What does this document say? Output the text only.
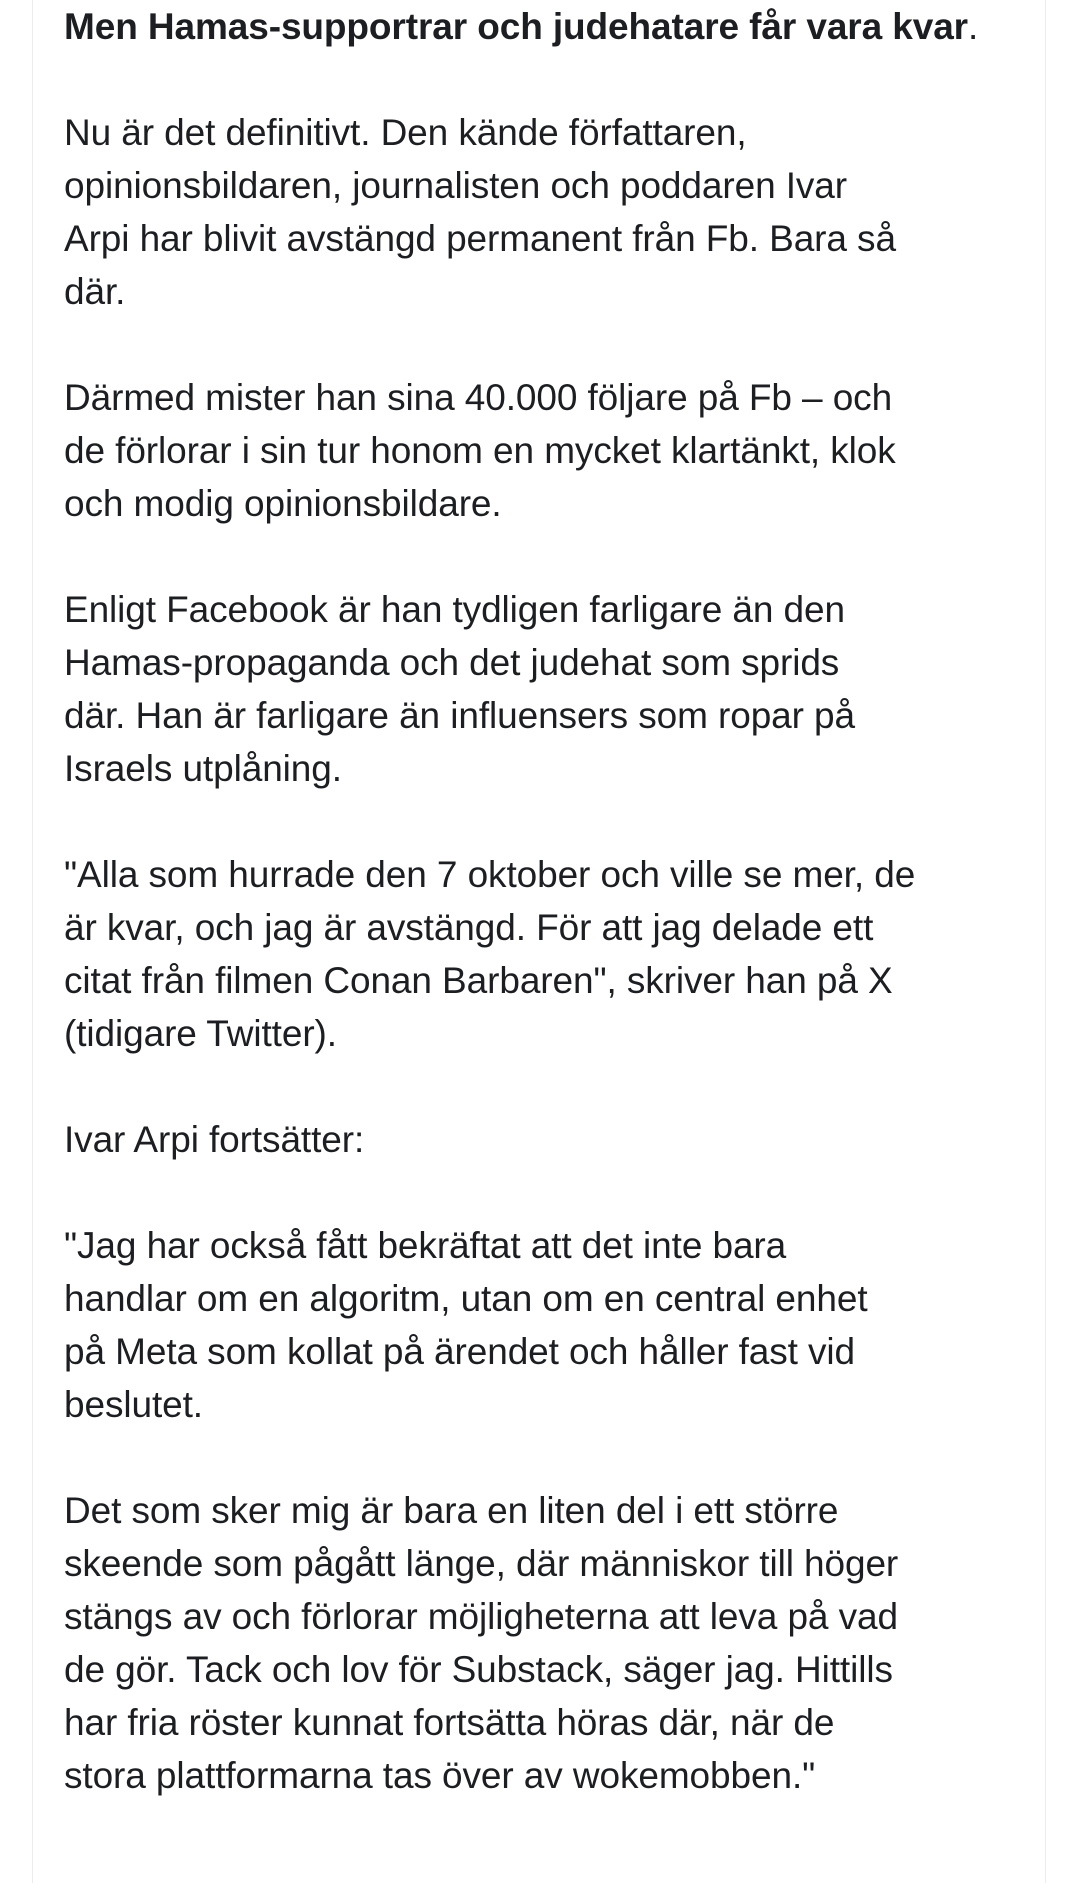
Men Hamas-supportrar och judehatare får vara kvar.

Nu är det definitivt. Den kände författaren,
opinionsbildaren, journalisten och poddaren Ivar
Arpi har blivit avstängd permanent från Fb. Bara så
där.

Därmed mister han sina 40.000 följare på Fb – och
de förlorar i sin tur honom en mycket klartänkt, klok
och modig opinionsbildare.

Enligt Facebook är han tydligen farligare än den
Hamas-propaganda och det judehat som sprids
där. Han är farligare än influensers som ropar på
Israels utplåning.

"Alla som hurrade den 7 oktober och ville se mer, de
är kvar, och jag är avstängd. För att jag delade ett
citat från filmen Conan Barbaren", skriver han på X
(tidigare Twitter).

Ivar Arpi fortsätter:

"Jag har också fått bekräftat att det inte bara
handlar om en algoritm, utan om en central enhet
på Meta som kollat på ärendet och håller fast vid
beslutet.

Det som sker mig är bara en liten del i ett större
skeende som pågått länge, där människor till höger
stängs av och förlorar möjligheterna att leva på vad
de gör. Tack och lov för Substack, säger jag. Hittills
har fria röster kunnat fortsätta höras där, när de
stora plattformarna tas över av wokemobben."
